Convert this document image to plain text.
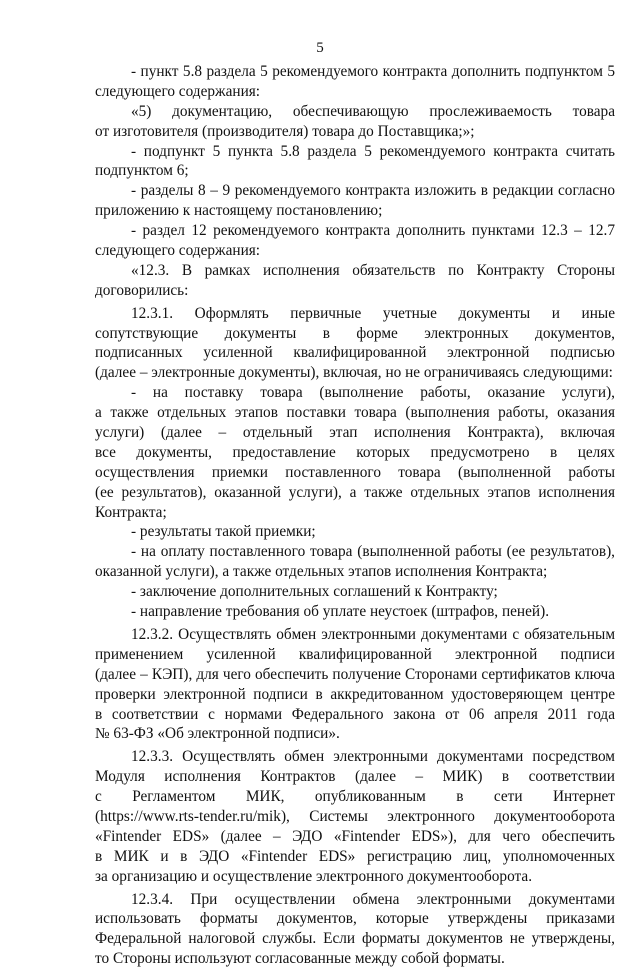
5
- пункт 5.8 раздела 5 рекомендуемого контракта дополнить подпунктом 5
следующего содержания:
«5) документацию, обеспечивающую прослеживаемость товара
от изготовителя (производителя) товара до Поставщика;»;
- подпункт 5 пункта 5.8 раздела 5 рекомендуемого контракта считать
подпунктом 6;
- разделы 8 – 9 рекомендуемого контракта изложить в редакции согласно
приложению к настоящему постановлению;
- раздел 12 рекомендуемого контракта дополнить пунктами 12.3 – 12.7
следующего содержания:
«12.3. В рамках исполнения обязательств по Контракту Стороны
договорились:
12.3.1. Оформлять первичные учетные документы и иные
сопутствующие документы в форме электронных документов,
подписанных усиленной квалифицированной электронной подписью
(далее – электронные документы), включая, но не ограничиваясь следующими:
- на поставку товара (выполнение работы, оказание услуги),
а также отдельных этапов поставки товара (выполнения работы, оказания
услуги) (далее – отдельный этап исполнения Контракта), включая
все документы, предоставление которых предусмотрено в целях
осуществления приемки поставленного товара (выполненной работы
(ее результатов), оказанной услуги), а также отдельных этапов исполнения
Контракта;
- результаты такой приемки;
- на оплату поставленного товара (выполненной работы (ее результатов),
оказанной услуги), а также отдельных этапов исполнения Контракта;
- заключение дополнительных соглашений к Контракту;
- направление требования об уплате неустоек (штрафов, пеней).
12.3.2. Осуществлять обмен электронными документами с обязательным
применением усиленной квалифицированной электронной подписи
(далее – КЭП), для чего обеспечить получение Сторонами сертификатов ключа
проверки электронной подписи в аккредитованном удостоверяющем центре
в соответствии с нормами Федерального закона от 06 апреля 2011 года
№ 63-ФЗ «Об электронной подписи».
12.3.3. Осуществлять обмен электронными документами посредством
Модуля исполнения Контрактов (далее – МИК) в соответствии
с Регламентом МИК, опубликованным в сети Интернет
(https://www.rts-tender.ru/mik), Системы электронного документооборота
«Fintender EDS» (далее – ЭДО «Fintender EDS»), для чего обеспечить
в МИК и в ЭДО «Fintender EDS» регистрацию лиц, уполномоченных
за организацию и осуществление электронного документооборота.
12.3.4. При осуществлении обмена электронными документами
использовать форматы документов, которые утверждены приказами
Федеральной налоговой службы. Если форматы документов не утверждены,
то Стороны используют согласованные между собой форматы.
